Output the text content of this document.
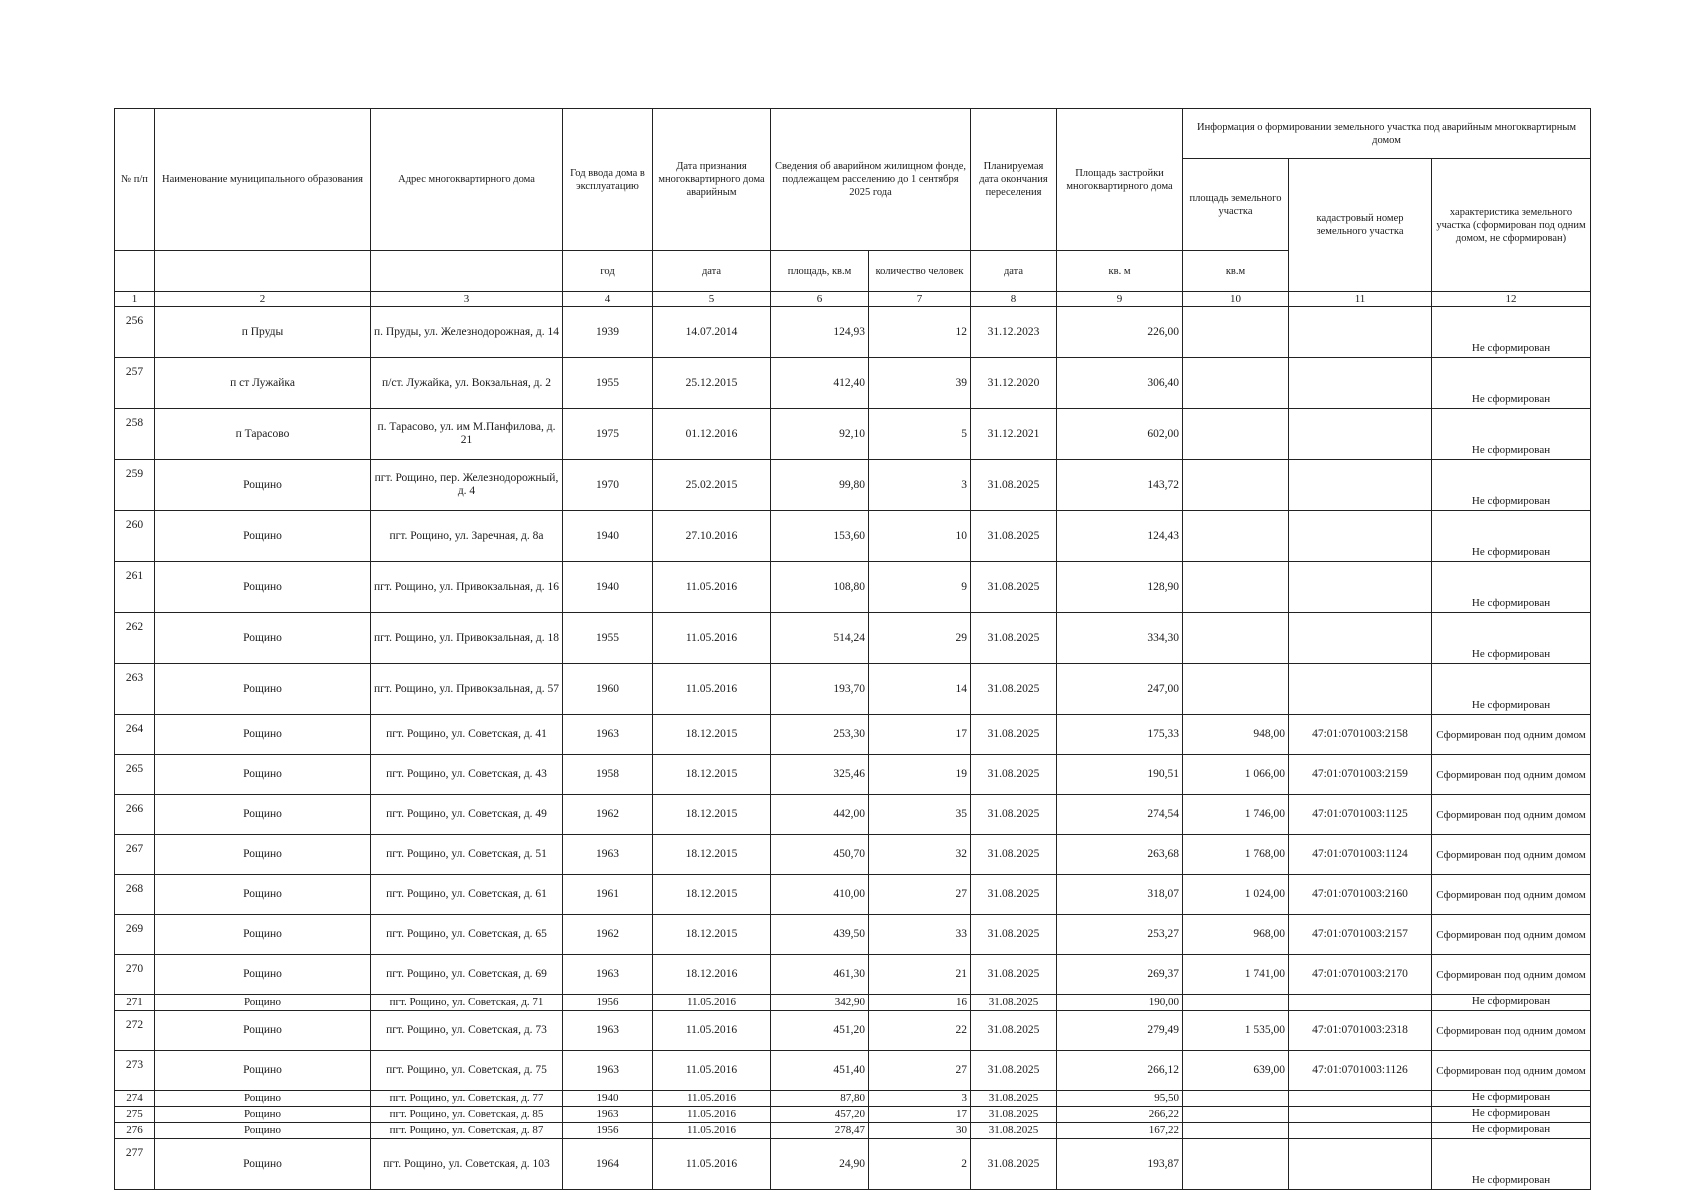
№ п/п	Наименование муниципального образования	Адрес многоквартирного дома	Год ввода дома в эксплуатацию	Дата признания многоквартирного дома аварийным	Сведения об аварийном жилищном фонде, подлежащем расселению до 1 сентября 2025 года		Планируемая дата окончания переселения	Площадь застройки многоквартирного дома	Информация о формировании земельного участка под аварийным многоквартирным домом		
									площадь земельного участка	кадастровый номер земельного участка	характеристика земельного участка (сформирован под одним домом, не сформирован)
			год	дата	площадь, кв.м	количество человек	дата	кв. м	кв.м		
1	2	3	4	5	6	7	8	9	10	11	12
256	п Пруды	п. Пруды, ул. Железнодорожная, д. 14	1939	14.07.2014	124,93	12	31.12.2023	226,00			Не сформирован
257	п ст Лужайка	п/ст. Лужайка, ул. Вокзальная, д. 2	1955	25.12.2015	412,40	39	31.12.2020	306,40			Не сформирован
258	п Тарасово	п. Тарасово, ул. им М.Панфилова, д. 21	1975	01.12.2016	92,10	5	31.12.2021	602,00			Не сформирован
259	Рощино	пгт. Рощино, пер. Железнодорожный, д. 4	1970	25.02.2015	99,80	3	31.08.2025	143,72			Не сформирован
260	Рощино	пгт. Рощино, ул. Заречная, д. 8а	1940	27.10.2016	153,60	10	31.08.2025	124,43			Не сформирован
261	Рощино	пгт. Рощино, ул. Привокзальная, д. 16	1940	11.05.2016	108,80	9	31.08.2025	128,90			Не сформирован
262	Рощино	пгт. Рощино, ул. Привокзальная, д. 18	1955	11.05.2016	514,24	29	31.08.2025	334,30			Не сформирован
263	Рощино	пгт. Рощино, ул. Привокзальная, д. 57	1960	11.05.2016	193,70	14	31.08.2025	247,00			Не сформирован
264	Рощино	пгт. Рощино, ул. Советская, д. 41	1963	18.12.2015	253,30	17	31.08.2025	175,33	948,00	47:01:0701003:2158	Сформирован под одним домом
265	Рощино	пгт. Рощино, ул. Советская, д. 43	1958	18.12.2015	325,46	19	31.08.2025	190,51	1 066,00	47:01:0701003:2159	Сформирован под одним домом
266	Рощино	пгт. Рощино, ул. Советская, д. 49	1962	18.12.2015	442,00	35	31.08.2025	274,54	1 746,00	47:01:0701003:1125	Сформирован под одним домом
267	Рощино	пгт. Рощино, ул. Советская, д. 51	1963	18.12.2015	450,70	32	31.08.2025	263,68	1 768,00	47:01:0701003:1124	Сформирован под одним домом
268	Рощино	пгт. Рощино, ул. Советская, д. 61	1961	18.12.2015	410,00	27	31.08.2025	318,07	1 024,00	47:01:0701003:2160	Сформирован под одним домом
269	Рощино	пгт. Рощино, ул. Советская, д. 65	1962	18.12.2015	439,50	33	31.08.2025	253,27	968,00	47:01:0701003:2157	Сформирован под одним домом
270	Рощино	пгт. Рощино, ул. Советская, д. 69	1963	18.12.2016	461,30	21	31.08.2025	269,37	1 741,00	47:01:0701003:2170	Сформирован под одним домом
271	Рощино	пгт. Рощино, ул. Советская, д. 71	1956	11.05.2016	342,90	16	31.08.2025	190,00			Не сформирован
272	Рощино	пгт. Рощино, ул. Советская, д. 73	1963	11.05.2016	451,20	22	31.08.2025	279,49	1 535,00	47:01:0701003:2318	Сформирован под одним домом
273	Рощино	пгт. Рощино, ул. Советская, д. 75	1963	11.05.2016	451,40	27	31.08.2025	266,12	639,00	47:01:0701003:1126	Сформирован под одним домом
274	Рощино	пгт. Рощино, ул. Советская, д. 77	1940	11.05.2016	87,80	3	31.08.2025	95,50			Не сформирован
275	Рощино	пгт. Рощино, ул. Советская, д. 85	1963	11.05.2016	457,20	17	31.08.2025	266,22			Не сформирован
276	Рощино	пгт. Рощино, ул. Советская, д. 87	1956	11.05.2016	278,47	30	31.08.2025	167,22			Не сформирован
277	Рощино	пгт. Рощино, ул. Советская, д. 103	1964	11.05.2016	24,90	2	31.08.2025	193,87			Не сформирован
